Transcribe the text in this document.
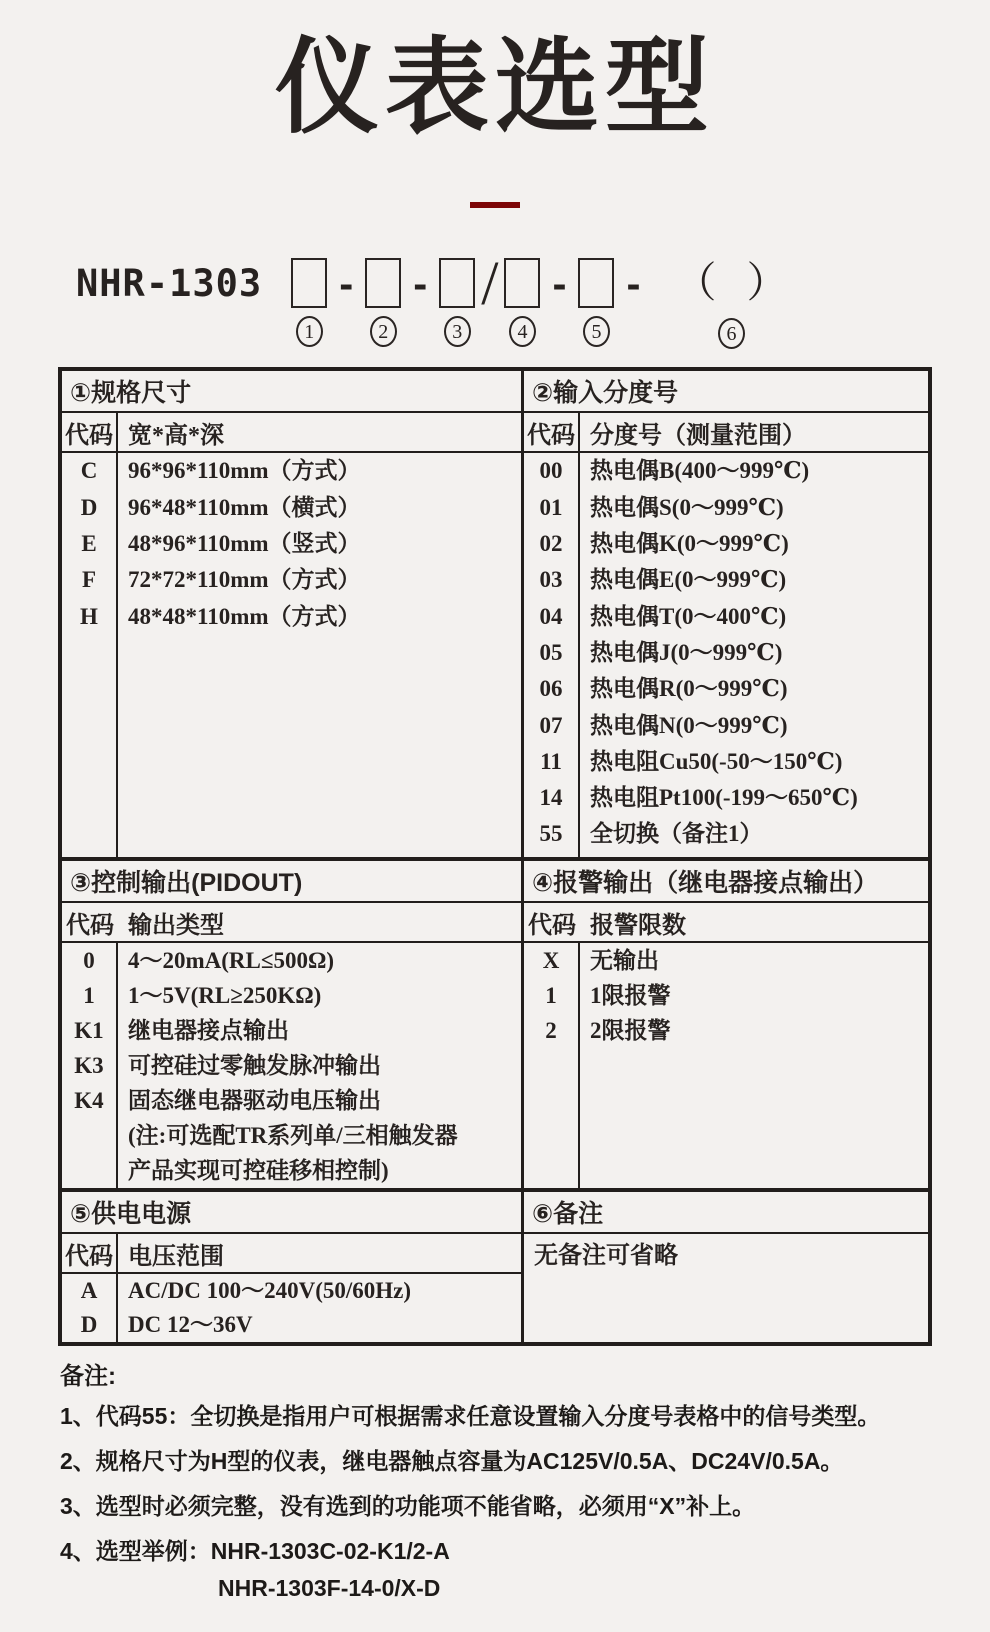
仪表选型
NHR-1303
1
-
2
-
3
/
4
-
5
- （ ）
6
①规格尺寸
代码 宽*高*深
C
D
E
F
H
96*96*110mm（方式）
96*48*110mm（横式）
48*96*110mm（竖式）
72*72*110mm（方式）
48*48*110mm（方式）
②输入分度号
代码 分度号（测量范围）
00
01
02
03
04
05
06
07
11
14
55
热电偶B(400～999℃)
热电偶S(0～999℃)
热电偶K(0～999℃)
热电偶E(0～999℃)
热电偶T(0～400℃)
热电偶J(0～999℃)
热电偶R(0～999℃)
热电偶N(0～999℃)
热电阻Cu50(-50～150℃)
热电阻Pt100(-199～650℃)
全切换（备注1）
③控制输出(PIDOUT)
代码 输出类型
0
1
K1
K3
K4
4～20mA(RL≤500Ω)
1～5V(RL≥250KΩ)
继电器接点输出
可控硅过零触发脉冲输出
固态继电器驱动电压输出
(注:可选配TR系列单/三相触发器
产品实现可控硅移相控制)
④报警输出（继电器接点输出）
代码 报警限数
X
1
2
无输出
1限报警
2限报警
⑤供电电源
代码 电压范围
A
D
AC/DC 100～240V(50/60Hz)
DC 12～36V
⑥备注
无备注可省略
备注:
1、代码55：全切换是指用户可根据需求任意设置输入分度号表格中的信号类型。
2、规格尺寸为H型的仪表，继电器触点容量为AC125V/0.5A、DC24V/0.5A。
3、选型时必须完整，没有选到的功能项不能省略，必须用“X”补上。
4、选型举例：NHR-1303C-02-K1/2-A
NHR-1303F-14-0/X-D
